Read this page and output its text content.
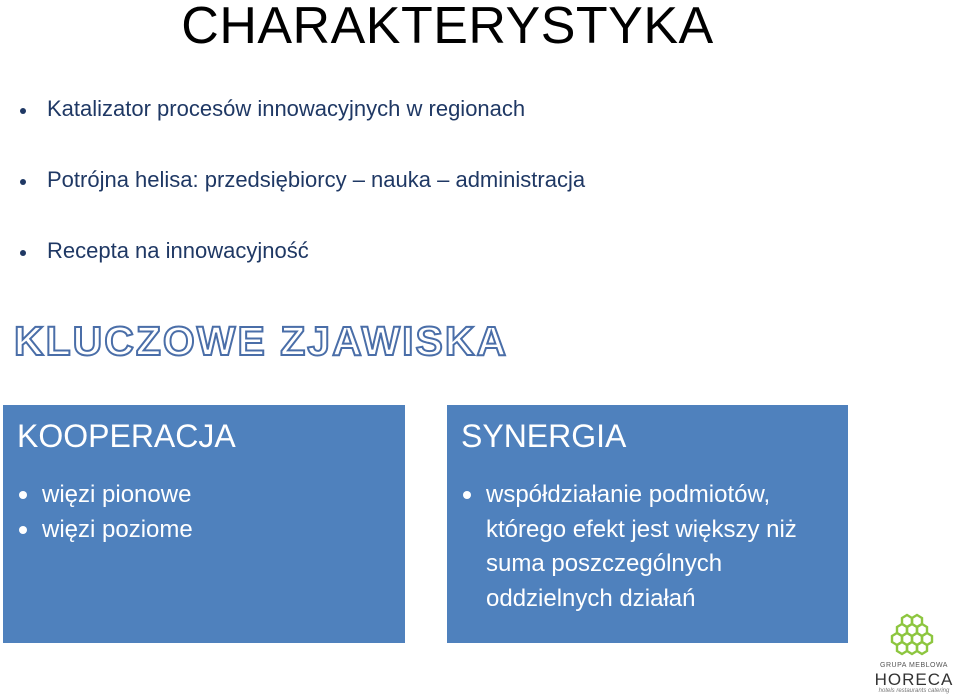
CHARAKTERYSTYKA
Katalizator procesów innowacyjnych w regionach
Potrójna helisa: przedsiębiorcy – nauka – administracja
Recepta na innowacyjność
KLUCZOWE ZJAWISKA
KOOPERACJA
więzi pionowe
więzi poziome
SYNERGIA
współdziałanie podmiotów, którego efekt jest większy niż suma poszczególnych oddzielnych działań
GRUPA MEBLOWA
HORECA
hotels restaurants catering
